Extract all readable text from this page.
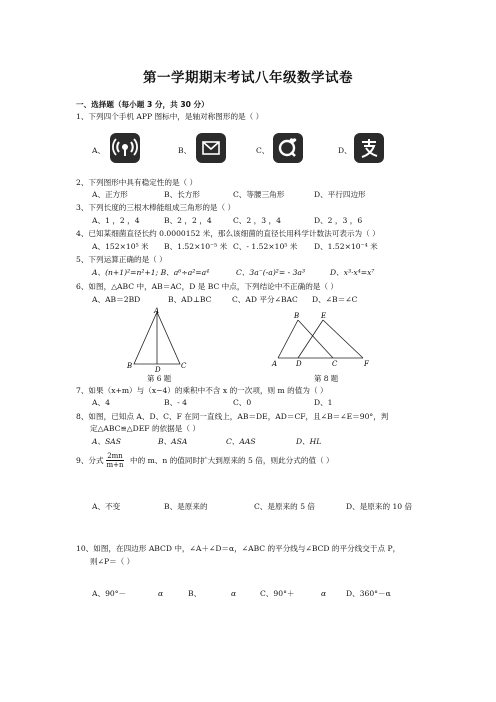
第一学期期末考试八年级数学试卷
一、选择题（每小题 3 分，共 30 分）
1、下列四个手机 APP 图标中，是轴对称图形的是（ ）
A、	B、	C、	D、
2、下列图形中具有稳定性的是（ ）
A、正方形	B、长方形	C、等腰三角形	D、平行四边形
3、下列长度的三根木棒能组成三角形的是（ ）
A、1 ，2 ，4	B、2 ，2 ，4	C、2 ，3 ，4	D、2 ，3 ，6
4、已知某细菌直径长约 0.0000152 米，那么该细菌的直径长用科学计数法可表示为（ ）
A、152×10⁵ 米 B、1.52×10⁻⁵ 米 C、- 1.52×10⁵ 米 D、1.52×10⁻⁴ 米
5、下列运算正确的是（ ）
A、(n+1)²=n²+1; B、a⁶÷a²=a⁴	C、3a⁻(-a)²= - 3a³	D、x³·x⁴=x⁷
6、如图，△ABC 中，AB＝AC，D 是 BC 中点，下列结论中不正确的是（ ）
A、AB＝2BD	B、AD⊥BC	C、AD 平分∠BAC D、∠B＝∠C
A
B	D	C
第 6 题
B	E
A	D	C	F
第 8 题
7、如果（x+m）与（x−4）的乘积中不含 x 的一次项，则 m 的值为（ ）
A、4	B、- 4	C、0	D、1
8、如图，已知点 A、D、C、F 在同一直线上，AB＝DE，AD＝CF，且∠B＝∠E＝90°，判
定△ABC≌△DEF 的依据是（ ）
A、SAS	B、ASA	C、AAS	D、HL
9、分式 $\frac{2mn}{m+n}$ 中的 m、n 的值同时扩大到原来的 5 倍，则此分式的值（ ）
A、不变	B、是原来的	C、是原来的 5 倍	D、是原来的 10 倍
10、如图，在四边形 ABCD 中，∠A＋∠D＝α，∠ABC 的平分线与∠BCD 的平分线交于点 P，
则∠P＝（ ）
A、90°－	α	B、	α	C、90°＋	α	D、360°－α
